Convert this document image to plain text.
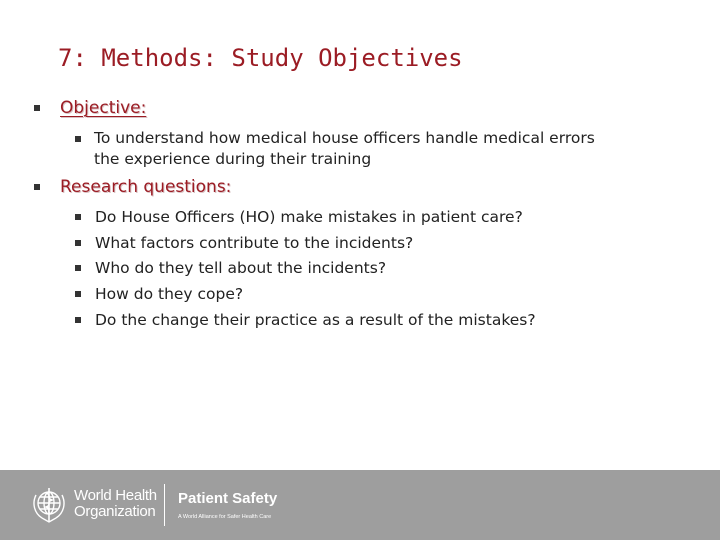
7: Methods: Study Objectives
Objective:
To understand how medical house officers handle medical errors
the experience during their training
Research questions:
Do House Officers (HO) make mistakes in patient care?
What factors contribute to the incidents?
Who do they tell about the incidents?
How do they cope?
Do the change their practice as a result of the mistakes?
World Health
Organization
Patient Safety
A World Alliance for Safer Health Care
